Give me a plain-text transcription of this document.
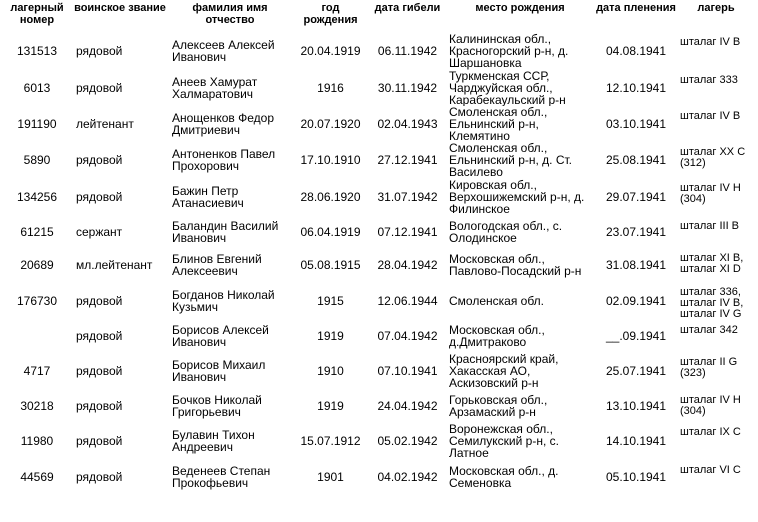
лагерный номер	воинское звание	фамилия имя отчество	год рождения	дата гибели	место рождения	дата пленения	лагерь
131513	рядовой	Алексеев Алексей Иванович	20.04.1919	06.11.1942	Калининская обл., Красногорский р-н, д. Шаршановка	04.08.1941	шталаг IV B
6013	рядовой	Анеев Хамурат Халмаратович	1916	30.11.1942	Туркменская ССР, Чарджуйская обл., Карабекаульский р-н	12.10.1941	шталаг 333
191190	лейтенант	Анощенков Федор Дмитриевич	20.07.1920	02.04.1943	Смоленская обл., Ельнинский р-н, Клемятино	03.10.1941	шталаг IV B
5890	рядовой	Антоненков Павел Прохорович	17.10.1910	27.12.1941	Смоленская обл., Ельнинский р-н, д. Ст. Василево	25.08.1941	шталаг XX C (312)
134256	рядовой	Бажин Петр Атанасиевич	28.06.1920	31.07.1942	Кировская обл., Верхошижемский р-н, д. Филинское	29.07.1941	шталаг IV H (304)
61215	сержант	Баландин Василий Иванович	06.04.1919	07.12.1941	Вологодская обл., с. Олодинское	23.07.1941	шталаг III B
20689	мл.лейтенант	Блинов Евгений Алексеевич	05.08.1915	28.04.1942	Московская обл., Павлово-Посадский р-н	31.08.1941	шталаг XI B, шталаг XI D
176730	рядовой	Богданов Николай Кузьмич	1915	12.06.1944	Смоленская обл.	02.09.1941	шталаг 336, шталаг IV B, шталаг IV G
	рядовой	Борисов Алексей Иванович	1919	07.04.1942	Московская обл., д.Дмитраково	__.09.1941	шталаг 342
4717	рядовой	Борисов Михаил Иванович	1910	07.10.1941	Красноярский край, Хакасская АО, Аскизовский р-н	25.07.1941	шталаг II G (323)
30218	рядовой	Бочков Николай Григорьевич	1919	24.04.1942	Горьковская обл., Арзамаский р-н	13.10.1941	шталаг IV H (304)
11980	рядовой	Булавин Тихон Андреевич	15.07.1912	05.02.1942	Воронежская обл., Семилукский р-н, с. Латное	14.10.1941	шталаг IX C
44569	рядовой	Веденеев Степан Прокофьевич	1901	04.02.1942	Московская обл., д. Семеновка	05.10.1941	шталаг VI C
